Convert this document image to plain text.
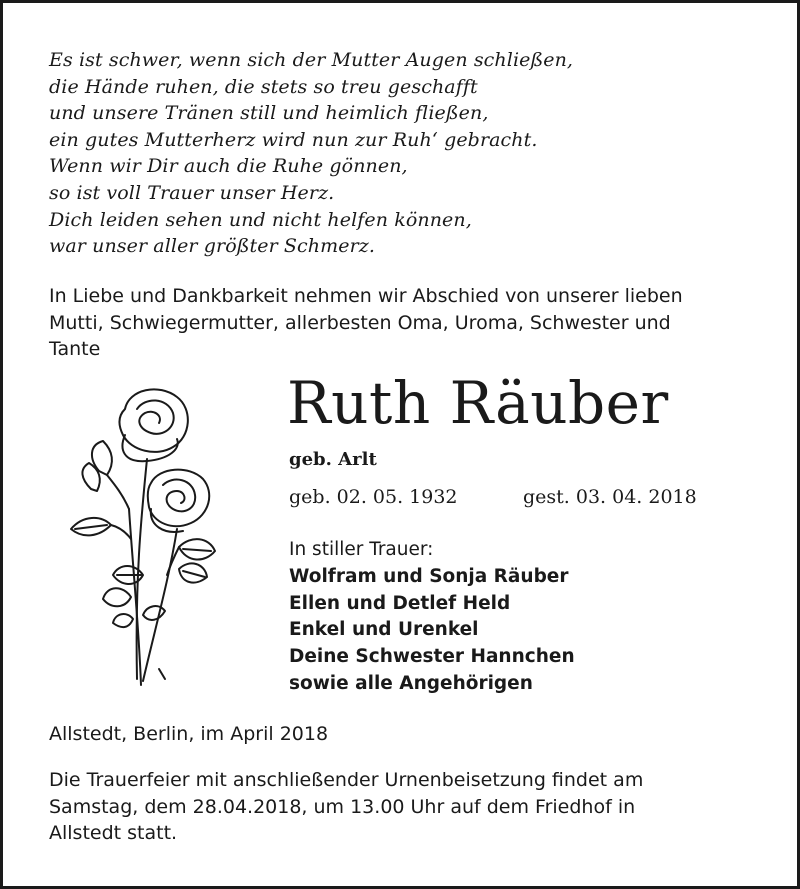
Es ist schwer, wenn sich der Mutter Augen schließen,
die Hände ruhen, die stets so treu geschafft
und unsere Tränen still und heimlich fließen,
ein gutes Mutterherz wird nun zur Ruh‘ gebracht.
Wenn wir Dir auch die Ruhe gönnen,
so ist voll Trauer unser Herz.
Dich leiden sehen und nicht helfen können,
war unser aller größter Schmerz.
In Liebe und Dankbarkeit nehmen wir Abschied von unserer lieben
Mutti, Schwiegermutter, allerbesten Oma, Uroma, Schwester und
Tante
Ruth Räuber
geb. Arlt
geb. 02. 05. 1932	gest. 03. 04. 2018
In stiller Trauer:
Wolfram und Sonja Räuber
Ellen und Detlef Held
Enkel und Urenkel
Deine Schwester Hannchen
sowie alle Angehörigen
Allstedt, Berlin, im April 2018
Die Trauerfeier mit anschließender Urnenbeisetzung findet am
Samstag, dem 28.04.2018, um 13.00 Uhr auf dem Friedhof in
Allstedt statt.
